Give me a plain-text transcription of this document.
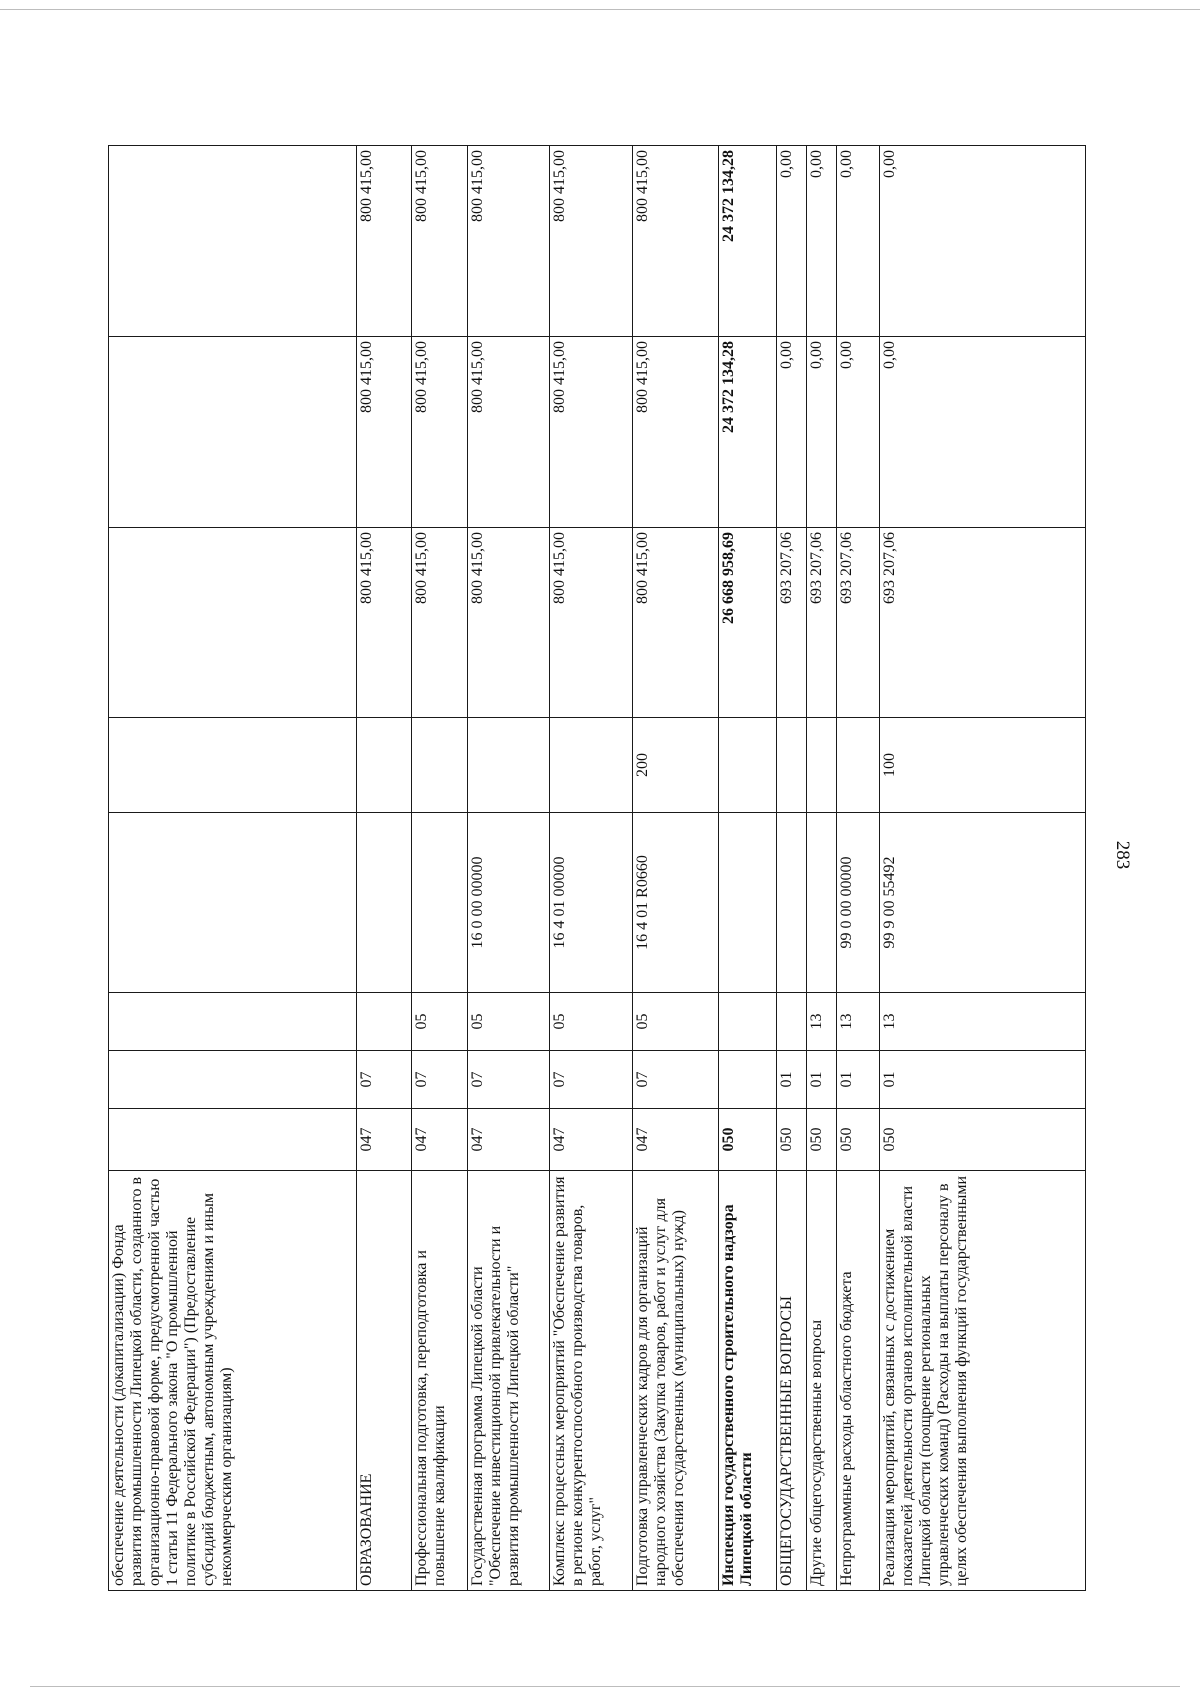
283
обеспечение деятельности (докапитализации) Фонда развития промышленности Липецкой области, созданного в организационно-правовой форме, предусмотренной частью 1 статьи 11 Федерального закона "О промышленной политике в Российской Федерации") (Предоставление субсидий бюджетным, автономным учреждениям и иным некоммерческим организациям)								
ОБРАЗОВАНИЕ	047	07				800 415,00	800 415,00	800 415,00
Профессиональная подготовка, переподготовка и повышение квалификации	047	07	05			800 415,00	800 415,00	800 415,00
Государственная программа Липецкой области "Обеспечение инвестиционной привлекательности и развития промышленности Липецкой области"	047	07	05	16 0 00 00000		800 415,00	800 415,00	800 415,00
Комплекс процессных мероприятий "Обеспечение развития в регионе конкурентоспособного производства товаров, работ, услуг"	047	07	05	16 4 01 00000		800 415,00	800 415,00	800 415,00
Подготовка управленческих кадров для организаций народного хозяйства (Закупка товаров, работ и услуг для обеспечения государственных (муниципальных) нужд)	047	07	05	16 4 01 R0660	200	800 415,00	800 415,00	800 415,00
Инспекция государственного строительного надзора Липецкой области	050					26 668 958,69	24 372 134,28	24 372 134,28
ОБЩЕГОСУДАРСТВЕННЫЕ ВОПРОСЫ	050	01				693 207,06	0,00	0,00
Другие общегосударственные вопросы	050	01	13			693 207,06	0,00	0,00
Непрограммные расходы областного бюджета	050	01	13	99 0 00 00000		693 207,06	0,00	0,00
Реализация мероприятий, связанных с достижением показателей деятельности органов исполнительной власти Липецкой области (поощрение региональных управленческих команд) (Расходы на выплаты персоналу в целях обеспечения выполнения функций государственными	050	01	13	99 9 00 55492	100	693 207,06	0,00	0,00
